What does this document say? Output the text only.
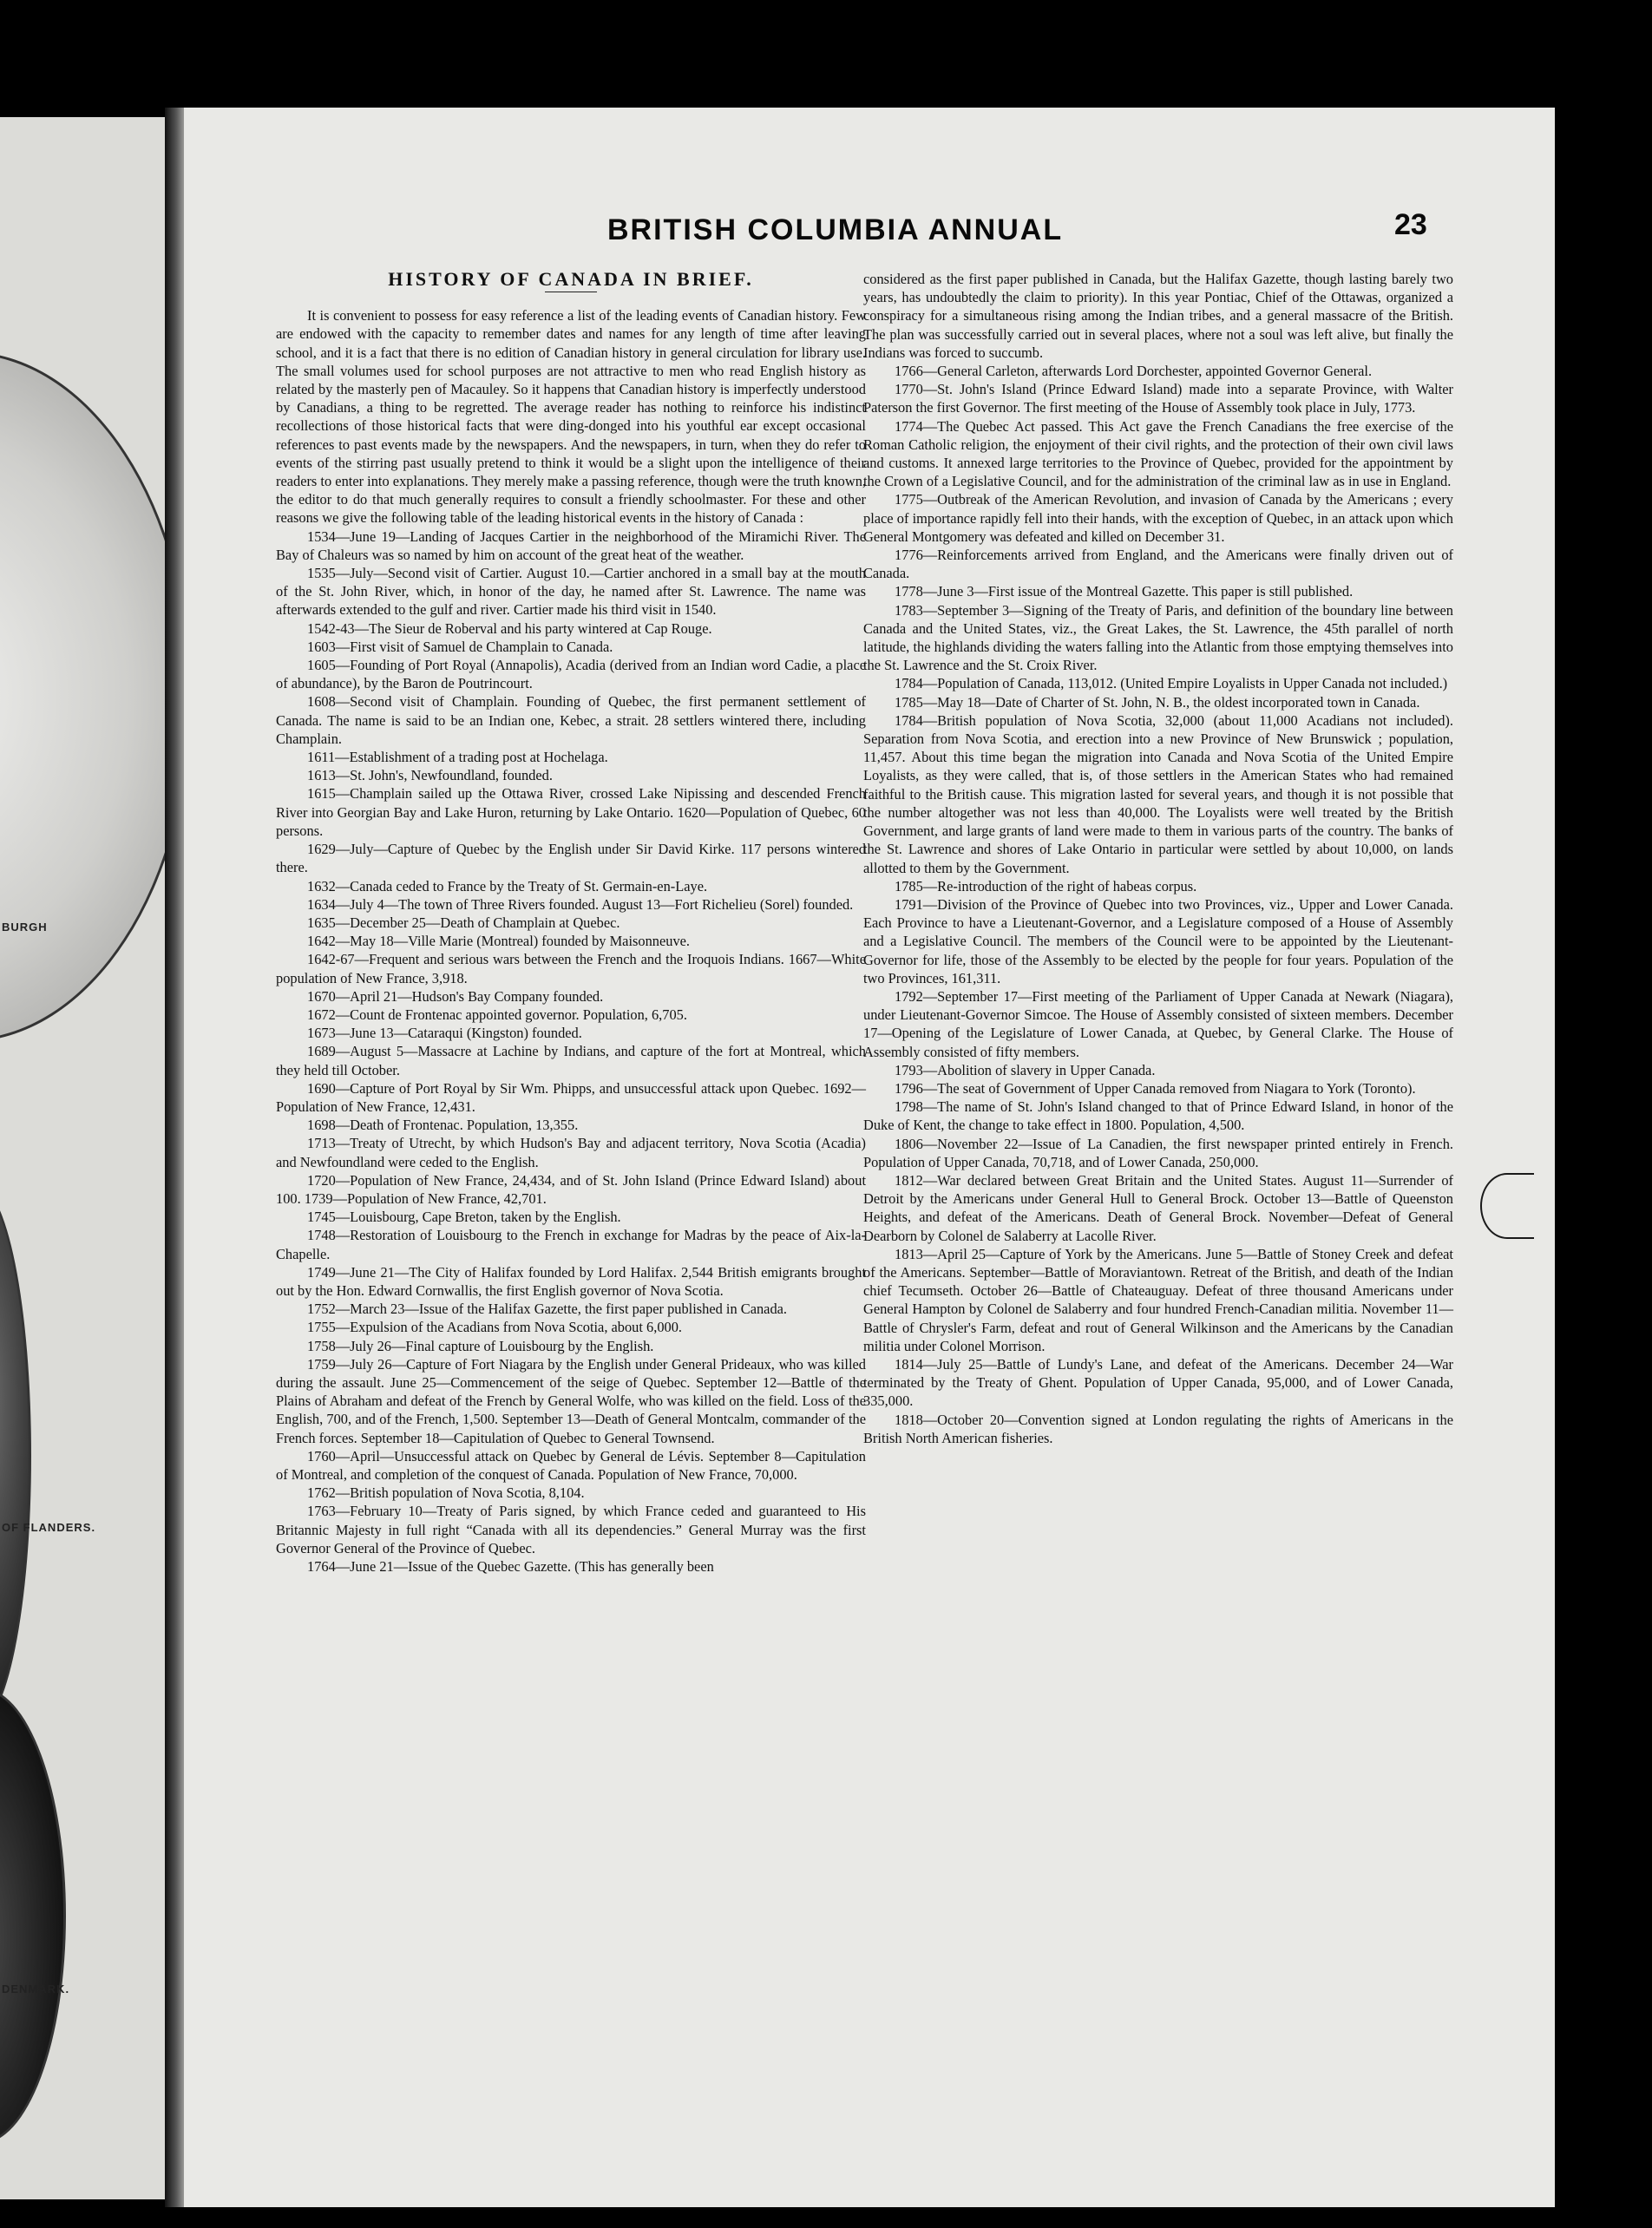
BURGH
OF FLANDERS.
DENMARK.
BRITISH COLUMBIA ANNUAL	23
HISTORY OF CANADA IN BRIEF.

It is convenient to possess for easy reference a list of the leading events of Canadian history. Few are endowed with the capacity to remember dates and names for any length of time after leaving school, and it is a fact that there is no edition of Canadian history in general circulation for library use. The small volumes used for school purposes are not attractive to men who read English history as related by the masterly pen of Macauley. So it happens that Canadian history is imperfectly understood by Canadians, a thing to be regretted. The average reader has nothing to reinforce his indistinct recollections of those historical facts that were ding-donged into his youthful ear except occasional references to past events made by the newspapers. And the newspapers, in turn, when they do refer to events of the stirring past usually pretend to think it would be a slight upon the intelligence of their readers to enter into explanations. They merely make a passing reference, though were the truth known, the editor to do that much generally requires to consult a friendly schoolmaster. For these and other reasons we give the following table of the leading historical events in the history of Canada :

1534—June 19—Landing of Jacques Cartier in the neighborhood of the Miramichi River. The Bay of Chaleurs was so named by him on account of the great heat of the weather.

1535—July—Second visit of Cartier. August 10.—Cartier anchored in a small bay at the mouth of the St. John River, which, in honor of the day, he named after St. Lawrence. The name was afterwards extended to the gulf and river. Cartier made his third visit in 1540.

1542-43—The Sieur de Roberval and his party wintered at Cap Rouge.

1603—First visit of Samuel de Champlain to Canada.

1605—Founding of Port Royal (Annapolis), Acadia (derived from an Indian word Cadie, a place of abundance), by the Baron de Poutrincourt.

1608—Second visit of Champlain. Founding of Quebec, the first permanent settlement of Canada. The name is said to be an Indian one, Kebec, a strait. 28 settlers wintered there, including Champlain.

1611—Establishment of a trading post at Hochelaga.

1613—St. John's, Newfoundland, founded.

1615—Champlain sailed up the Ottawa River, crossed Lake Nipissing and descended French River into Georgian Bay and Lake Huron, returning by Lake Ontario. 1620—Population of Quebec, 60 persons.

1629—July—Capture of Quebec by the English under Sir David Kirke. 117 persons wintered there.

1632—Canada ceded to France by the Treaty of St. Germain-en-Laye.

1634—July 4—The town of Three Rivers founded. August 13—Fort Richelieu (Sorel) founded.

1635—December 25—Death of Champlain at Quebec.

1642—May 18—Ville Marie (Montreal) founded by Maisonneuve.

1642-67—Frequent and serious wars between the French and the Iroquois Indians. 1667—White population of New France, 3,918.

1670—April 21—Hudson's Bay Company founded.

1672—Count de Frontenac appointed governor. Population, 6,705.

1673—June 13—Cataraqui (Kingston) founded.

1689—August 5—Massacre at Lachine by Indians, and capture of the fort at Montreal, which they held till October.

1690—Capture of Port Royal by Sir Wm. Phipps, and unsuccessful attack upon Quebec. 1692—Population of New France, 12,431.

1698—Death of Frontenac. Population, 13,355.

1713—Treaty of Utrecht, by which Hudson's Bay and adjacent territory, Nova Scotia (Acadia) and Newfoundland were ceded to the English.

1720—Population of New France, 24,434, and of St. John Island (Prince Edward Island) about 100. 1739—Population of New France, 42,701.

1745—Louisbourg, Cape Breton, taken by the English.

1748—Restoration of Louisbourg to the French in exchange for Madras by the peace of Aix-la-Chapelle.

1749—June 21—The City of Halifax founded by Lord Halifax. 2,544 British emigrants brought out by the Hon. Edward Cornwallis, the first English governor of Nova Scotia.

1752—March 23—Issue of the Halifax Gazette, the first paper published in Canada.

1755—Expulsion of the Acadians from Nova Scotia, about 6,000.

1758—July 26—Final capture of Louisbourg by the English.

1759—July 26—Capture of Fort Niagara by the English under General Prideaux, who was killed during the assault. June 25—Commencement of the seige of Quebec. September 12—Battle of the Plains of Abraham and defeat of the French by General Wolfe, who was killed on the field. Loss of the English, 700, and of the French, 1,500. September 13—Death of General Montcalm, commander of the French forces. September 18—Capitulation of Quebec to General Townsend.

1760—April—Unsuccessful attack on Quebec by General de Lévis. September 8—Capitulation of Montreal, and completion of the conquest of Canada. Population of New France, 70,000.

1762—British population of Nova Scotia, 8,104.

1763—February 10—Treaty of Paris signed, by which France ceded and guaranteed to His Britannic Majesty in full right “Canada with all its dependencies.” General Murray was the first Governor General of the Province of Quebec.

1764—June 21—Issue of the Quebec Gazette. (This has generally been

considered as the first paper published in Canada, but the Halifax Gazette, though lasting barely two years, has undoubtedly the claim to priority). In this year Pontiac, Chief of the Ottawas, organized a conspiracy for a simultaneous rising among the Indian tribes, and a general massacre of the British. The plan was successfully carried out in several places, where not a soul was left alive, but finally the Indians was forced to succumb.

1766—General Carleton, afterwards Lord Dorchester, appointed Governor General.

1770—St. John's Island (Prince Edward Island) made into a separate Province, with Walter Paterson the first Governor. The first meeting of the House of Assembly took place in July, 1773.

1774—The Quebec Act passed. This Act gave the French Canadians the free exercise of the Roman Catholic religion, the enjoyment of their civil rights, and the protection of their own civil laws and customs. It annexed large territories to the Province of Quebec, provided for the appointment by the Crown of a Legislative Council, and for the administration of the criminal law as in use in England.

1775—Outbreak of the American Revolution, and invasion of Canada by the Americans ; every place of importance rapidly fell into their hands, with the exception of Quebec, in an attack upon which General Montgomery was defeated and killed on December 31.

1776—Reinforcements arrived from England, and the Americans were finally driven out of Canada.

1778—June 3—First issue of the Montreal Gazette. This paper is still published.

1783—September 3—Signing of the Treaty of Paris, and definition of the boundary line between Canada and the United States, viz., the Great Lakes, the St. Lawrence, the 45th parallel of north latitude, the highlands dividing the waters falling into the Atlantic from those emptying themselves into the St. Lawrence and the St. Croix River.

1784—Population of Canada, 113,012. (United Empire Loyalists in Upper Canada not included.)

1785—May 18—Date of Charter of St. John, N. B., the oldest incorporated town in Canada.

1784—British population of Nova Scotia, 32,000 (about 11,000 Acadians not included). Separation from Nova Scotia, and erection into a new Province of New Brunswick ; population, 11,457. About this time began the migration into Canada and Nova Scotia of the United Empire Loyalists, as they were called, that is, of those settlers in the American States who had remained faithful to the British cause. This migration lasted for several years, and though it is not possible that the number altogether was not less than 40,000. The Loyalists were well treated by the British Government, and large grants of land were made to them in various parts of the country. The banks of the St. Lawrence and shores of Lake Ontario in particular were settled by about 10,000, on lands allotted to them by the Government.

1785—Re-introduction of the right of habeas corpus.

1791—Division of the Province of Quebec into two Provinces, viz., Upper and Lower Canada. Each Province to have a Lieutenant-Governor, and a Legislature composed of a House of Assembly and a Legislative Council. The members of the Council were to be appointed by the Lieutenant-Governor for life, those of the Assembly to be elected by the people for four years. Population of the two Provinces, 161,311.

1792—September 17—First meeting of the Parliament of Upper Canada at Newark (Niagara), under Lieutenant-Governor Simcoe. The House of Assembly consisted of sixteen members. December 17—Opening of the Legislature of Lower Canada, at Quebec, by General Clarke. The House of Assembly consisted of fifty members.

1793—Abolition of slavery in Upper Canada.

1796—The seat of Government of Upper Canada removed from Niagara to York (Toronto).

1798—The name of St. John's Island changed to that of Prince Edward Island, in honor of the Duke of Kent, the change to take effect in 1800. Population, 4,500.

1806—November 22—Issue of La Canadien, the first newspaper printed entirely in French. Population of Upper Canada, 70,718, and of Lower Canada, 250,000.

1812—War declared between Great Britain and the United States. August 11—Surrender of Detroit by the Americans under General Hull to General Brock. October 13—Battle of Queenston Heights, and defeat of the Americans. Death of General Brock. November—Defeat of General Dearborn by Colonel de Salaberry at Lacolle River.

1813—April 25—Capture of York by the Americans. June 5—Battle of Stoney Creek and defeat of the Americans. September—Battle of Moraviantown. Retreat of the British, and death of the Indian chief Tecumseth. October 26—Battle of Chateauguay. Defeat of three thousand Americans under General Hampton by Colonel de Salaberry and four hundred French-Canadian militia. November 11—Battle of Chrysler's Farm, defeat and rout of General Wilkinson and the Americans by the Canadian militia under Colonel Morrison.

1814—July 25—Battle of Lundy's Lane, and defeat of the Americans. December 24—War terminated by the Treaty of Ghent. Population of Upper Canada, 95,000, and of Lower Canada, 335,000.

1818—October 20—Convention signed at London regulating the rights of Americans in the British North American fisheries.
